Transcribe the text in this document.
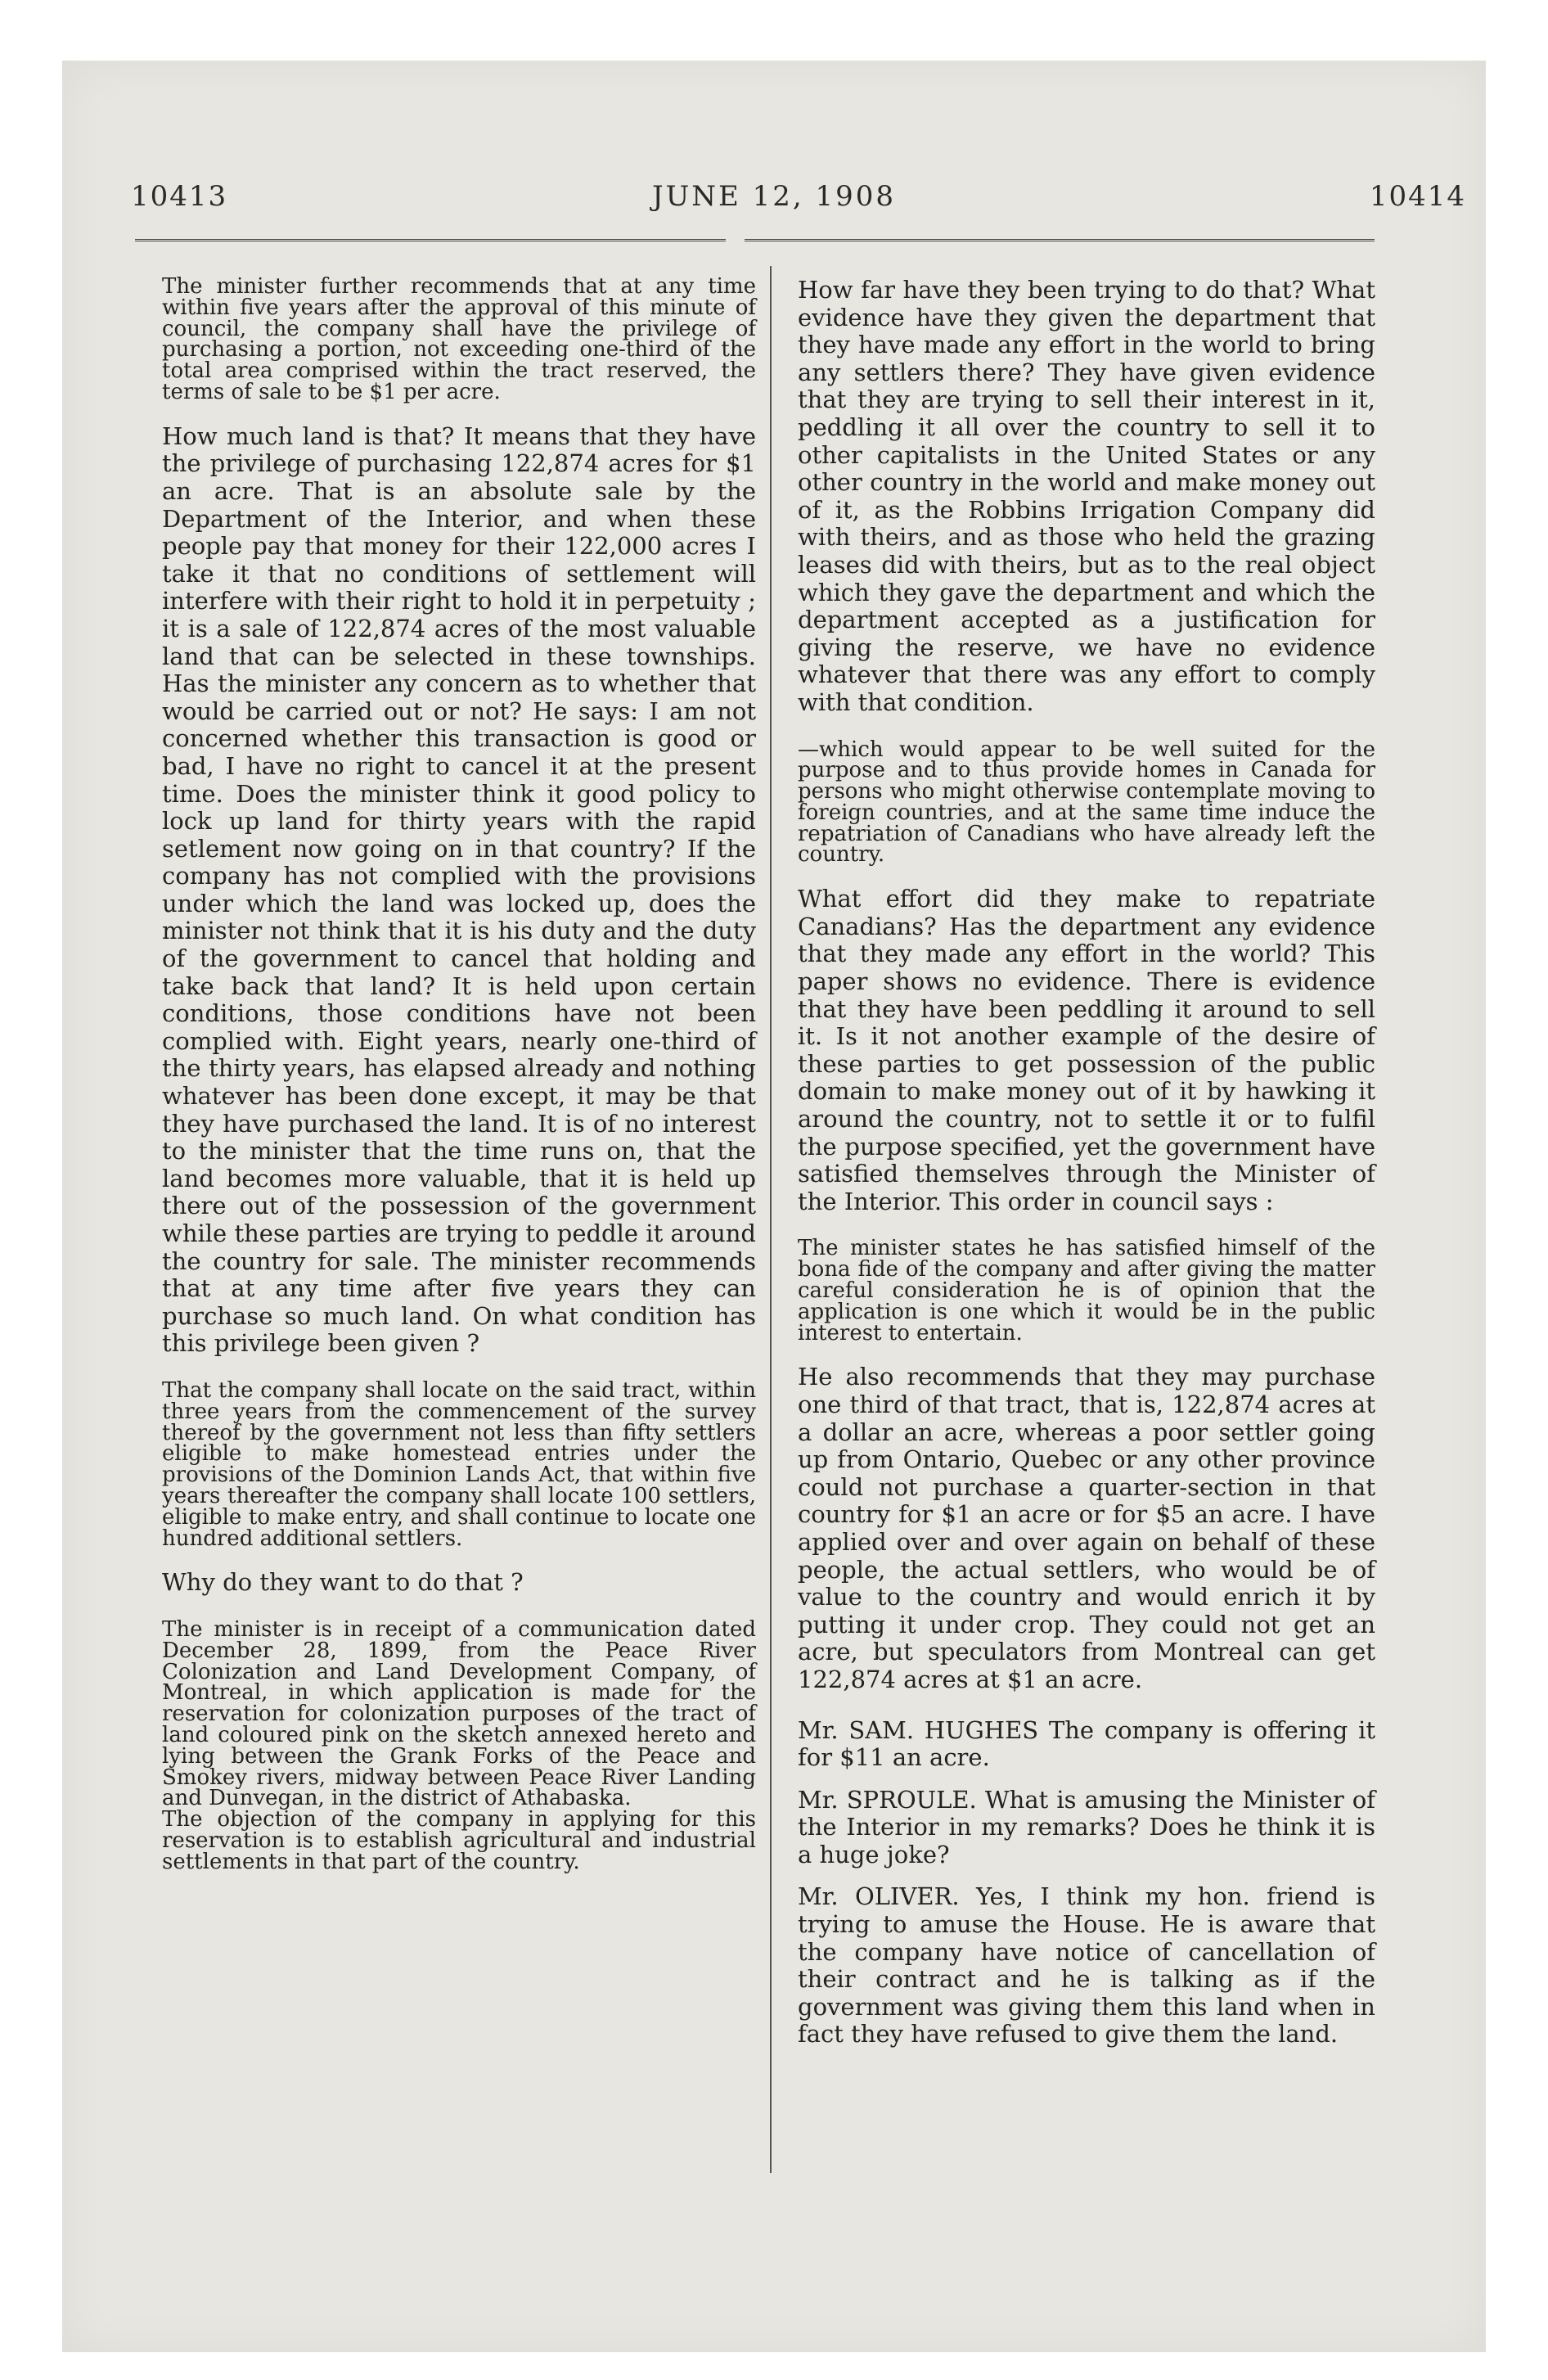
10413	JUNE 12, 1908	10414

The minister further recommends that at any time within five years after the approval of this minute of council, the company shall have the privilege of purchasing a portion, not exceeding one-third of the total area comprised within the tract reserved, the terms of sale to be $1 per acre.

How much land is that? It means that they have the privilege of purchasing 122,874 acres for $1 an acre. That is an absolute sale by the Department of the Interior, and when these people pay that money for their 122,000 acres I take it that no conditions of settlement will interfere with their right to hold it in perpetuity ; it is a sale of 122,874 acres of the most valuable land that can be selected in these townships. Has the minister any concern as to whether that would be carried out or not? He says: I am not concerned whether this transaction is good or bad, I have no right to cancel it at the present time. Does the minister think it good policy to lock up land for thirty years with the rapid setlement now going on in that country? If the company has not complied with the provisions under which the land was locked up, does the minister not think that it is his duty and the duty of the government to cancel that holding and take back that land? It is held upon certain conditions, those conditions have not been complied with. Eight years, nearly one-third of the thirty years, has elapsed already and nothing whatever has been done except, it may be that they have purchased the land. It is of no interest to the minister that the time runs on, that the land becomes more valuable, that it is held up there out of the possession of the government while these parties are trying to peddle it around the country for sale. The minister recommends that at any time after five years they can purchase so much land. On what condition has this privilege been given ?

That the company shall locate on the said tract, within three years from the commencement of the survey thereof by the government not less than fifty settlers eligible to make homestead entries under the provisions of the Dominion Lands Act, that within five years thereafter the company shall locate 100 settlers, eligible to make entry, and shall continue to locate one hundred additional settlers.

Why do they want to do that ?

The minister is in receipt of a communication dated December 28, 1899, from the Peace River Colonization and Land Development Company, of Montreal, in which application is made for the reservation for colonization purposes of the tract of land coloured pink on the sketch annexed hereto and lying between the Grank Forks of the Peace and Smokey rivers, midway between Peace River Landing and Dunvegan, in the district of Athabaska.

The objection of the company in applying for this reservation is to establish agricultural and industrial settlements in that part of the country.

How far have they been trying to do that? What evidence have they given the department that they have made any effort in the world to bring any settlers there? They have given evidence that they are trying to sell their interest in it, peddling it all over the country to sell it to other capitalists in the United States or any other country in the world and make money out of it, as the Robbins Irrigation Company did with theirs, and as those who held the grazing leases did with theirs, but as to the real object which they gave the department and which the department accepted as a justification for giving the reserve, we have no evidence whatever that there was any effort to comply with that condition.

—which would appear to be well suited for the purpose and to thus provide homes in Canada for persons who might otherwise contemplate moving to foreign countries, and at the same time induce the repatriation of Canadians who have already left the country.

What effort did they make to repatriate Canadians? Has the department any evidence that they made any effort in the world? This paper shows no evidence. There is evidence that they have been peddling it around to sell it. Is it not another example of the desire of these parties to get possession of the public domain to make money out of it by hawking it around the country, not to settle it or to fulfil the purpose specified, yet the government have satisfied themselves through the Minister of the Interior. This order in council says :

The minister states he has satisfied himself of the bona fide of the company and after giving the matter careful consideration he is of opinion that the application is one which it would be in the public interest to entertain.

He also recommends that they may purchase one third of that tract, that is, 122,874 acres at a dollar an acre, whereas a poor settler going up from Ontario, Quebec or any other province could not purchase a quarter-section in that country for $1 an acre or for $5 an acre. I have applied over and over again on behalf of these people, the actual settlers, who would be of value to the country and would enrich it by putting it under crop. They could not get an acre, but speculators from Montreal can get 122,874 acres at $1 an acre.

Mr. SAM. HUGHES The company is offering it for $11 an acre.

Mr. SPROULE. What is amusing the Minister of the Interior in my remarks? Does he think it is a huge joke?

Mr. OLIVER. Yes, I think my hon. friend is trying to amuse the House. He is aware that the company have notice of cancellation of their contract and he is talking as if the government was giving them this land when in fact they have refused to give them the land.
